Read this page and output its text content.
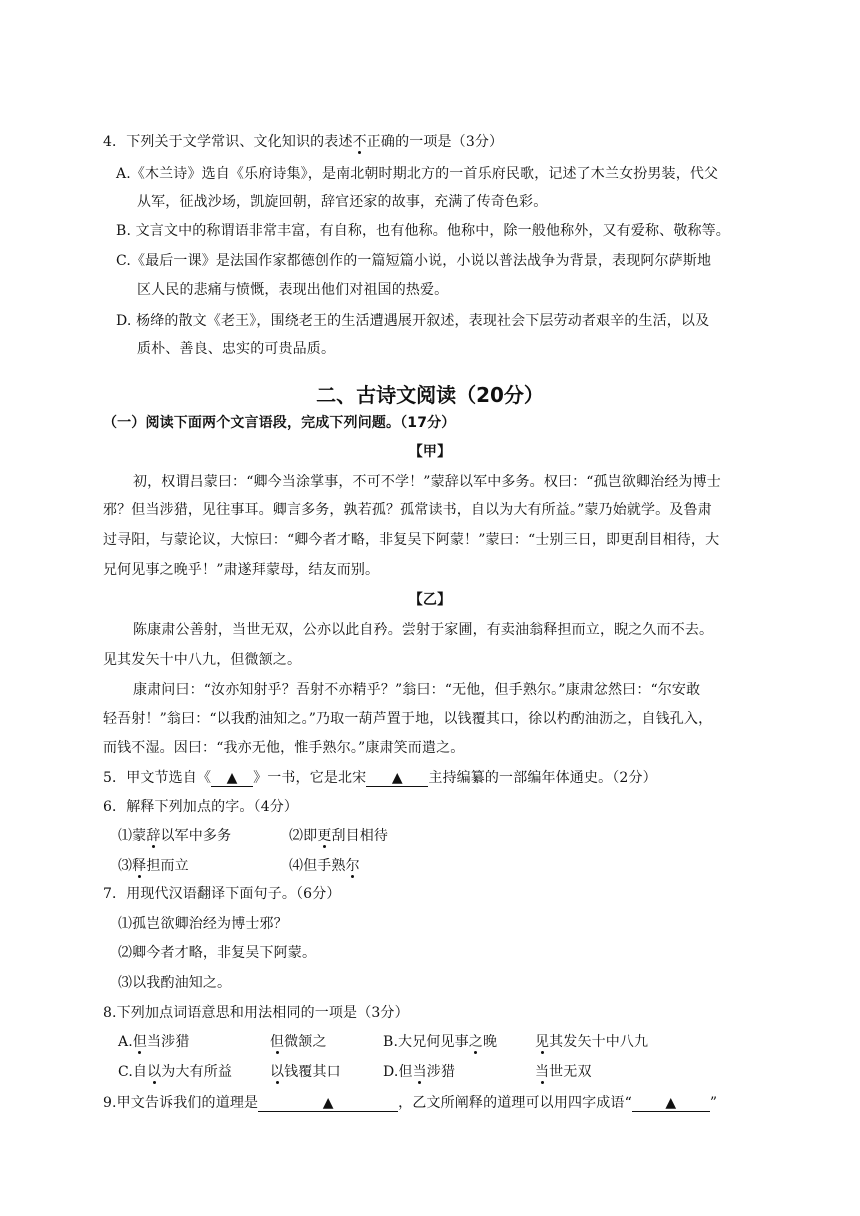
4．下列关于文学常识、文化知识的表述不正确的一项是（3分）
A.《木兰诗》选自《乐府诗集》，是南北朝时期北方的一首乐府民歌，记述了木兰女扮男装，代父
从军，征战沙场，凯旋回朝，辞官还家的故事，充满了传奇色彩。
B. 文言文中的称谓语非常丰富，有自称，也有他称。他称中，除一般他称外，又有爱称、敬称等。
C.《最后一课》是法国作家都德创作的一篇短篇小说，小说以普法战争为背景，表现阿尔萨斯地
区人民的悲痛与愤慨，表现出他们对祖国的热爱。
D. 杨绛的散文《老王》，围绕老王的生活遭遇展开叙述，表现社会下层劳动者艰辛的生活，以及
质朴、善良、忠实的可贵品质。
二、古诗文阅读（20分）
（一）阅读下面两个文言语段，完成下列问题。（17分）
【甲】
初，权谓吕蒙曰：“卿今当涂掌事，不可不学！”蒙辞以军中多务。权曰：“孤岂欲卿治经为博士
邪？但当涉猎，见往事耳。卿言多务，孰若孤？孤常读书，自以为大有所益。”蒙乃始就学。及鲁肃
过寻阳，与蒙论议，大惊曰：“卿今者才略，非复吴下阿蒙！”蒙曰：“士别三日，即更刮目相待，大
兄何见事之晚乎！”肃遂拜蒙母，结友而别。
【乙】
陈康肃公善射，当世无双，公亦以此自矜。尝射于家圃，有卖油翁释担而立，睨之久而不去。
见其发矢十中八九，但微颔之。
康肃问曰：“汝亦知射乎？吾射不亦精乎？”翁曰：“无他，但手熟尔。”康肃忿然曰：“尔安敢
轻吾射！”翁曰：“以我酌油知之。”乃取一葫芦置于地，以钱覆其口，徐以杓酌油沥之，自钱孔入，
而钱不湿。因曰：“我亦无他，惟手熟尔。”康肃笑而遣之。
5．甲文节选自《 ▲ 》一书，它是北宋 ▲ 主持编纂的一部编年体通史。（2分）
6．解释下列加点的字。（4分）
⑴蒙辞以军中多务	⑵即更刮目相待
⑶释担而立	⑷但手熟尔
7．用现代汉语翻译下面句子。（6分）
⑴孤岂欲卿治经为博士邪？
⑵卿今者才略，非复吴下阿蒙。
⑶以我酌油知之。
8.下列加点词语意思和用法相同的一项是（3分）
A.但当涉猎	但微颔之	B.大兄何见事之晚	见其发矢十中八九
C.自以为大有所益	以钱覆其口	D.但当涉猎	当世无双
9.甲文告诉我们的道理是	▲	，乙文所阐释的道理可以用四字成语“ ▲ ”
